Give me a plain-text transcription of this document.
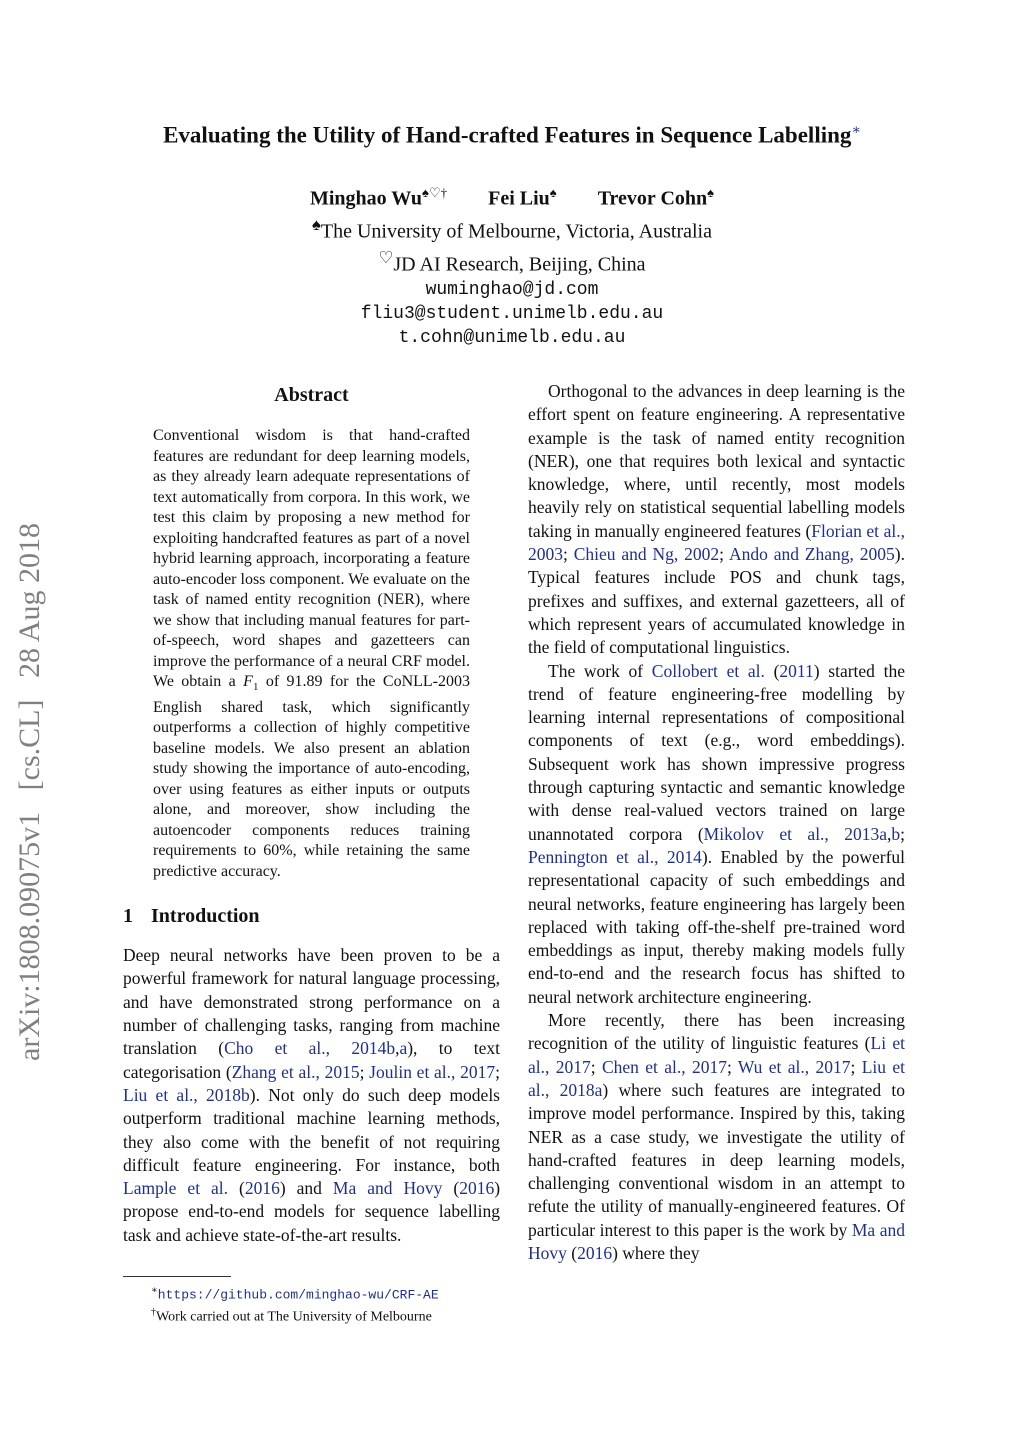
arXiv:1808.09075v1 [cs.CL] 28 Aug 2018
Evaluating the Utility of Hand-crafted Features in Sequence Labelling∗
Minghao Wu♠♡† Fei Liu♠ Trevor Cohn♠
♠The University of Melbourne, Victoria, Australia
♡JD AI Research, Beijing, China
wuminghao@jd.com
fliu3@student.unimelb.edu.au
t.cohn@unimelb.edu.au
Abstract
Conventional wisdom is that hand-crafted features are redundant for deep learning models, as they already learn adequate representations of text automatically from corpora. In this work, we test this claim by proposing a new method for exploiting handcrafted features as part of a novel hybrid learning approach, incorporating a feature auto-encoder loss component. We evaluate on the task of named entity recognition (NER), where we show that including manual features for part-of-speech, word shapes and gazetteers can improve the performance of a neural CRF model. We obtain a $F_1$ of 91.89 for the CoNLL-2003 English shared task, which significantly outperforms a collection of highly competitive baseline models. We also present an ablation study showing the importance of auto-encoding, over using features as either inputs or outputs alone, and moreover, show including the autoencoder components reduces training requirements to 60%, while retaining the same predictive accuracy.
1 Introduction

Deep neural networks have been proven to be a powerful framework for natural language processing, and have demonstrated strong performance on a number of challenging tasks, ranging from machine translation (Cho et al., 2014b,a), to text categorisation (Zhang et al., 2015; Joulin et al., 2017; Liu et al., 2018b). Not only do such deep models outperform traditional machine learning methods, they also come with the benefit of not requiring difficult feature engineering. For instance, both Lample et al. (2016) and Ma and Hovy (2016) propose end-to-end models for sequence labelling task and achieve state-of-the-art results.

∗https://github.com/minghao-wu/CRF-AE
†Work carried out at The University of Melbourne

Orthogonal to the advances in deep learning is the effort spent on feature engineering. A representative example is the task of named entity recognition (NER), one that requires both lexical and syntactic knowledge, where, until recently, most models heavily rely on statistical sequential labelling models taking in manually engineered features (Florian et al., 2003; Chieu and Ng, 2002; Ando and Zhang, 2005). Typical features include POS and chunk tags, prefixes and suffixes, and external gazetteers, all of which represent years of accumulated knowledge in the field of computational linguistics.

The work of Collobert et al. (2011) started the trend of feature engineering-free modelling by learning internal representations of compositional components of text (e.g., word embeddings). Subsequent work has shown impressive progress through capturing syntactic and semantic knowledge with dense real-valued vectors trained on large unannotated corpora (Mikolov et al., 2013a,b; Pennington et al., 2014). Enabled by the powerful representational capacity of such embeddings and neural networks, feature engineering has largely been replaced with taking off-the-shelf pre-trained word embeddings as input, thereby making models fully end-to-end and the research focus has shifted to neural network architecture engineering.

More recently, there has been increasing recognition of the utility of linguistic features (Li et al., 2017; Chen et al., 2017; Wu et al., 2017; Liu et al., 2018a) where such features are integrated to improve model performance. Inspired by this, taking NER as a case study, we investigate the utility of hand-crafted features in deep learning models, challenging conventional wisdom in an attempt to refute the utility of manually-engineered features. Of particular interest to this paper is the work by Ma and Hovy (2016) where they
